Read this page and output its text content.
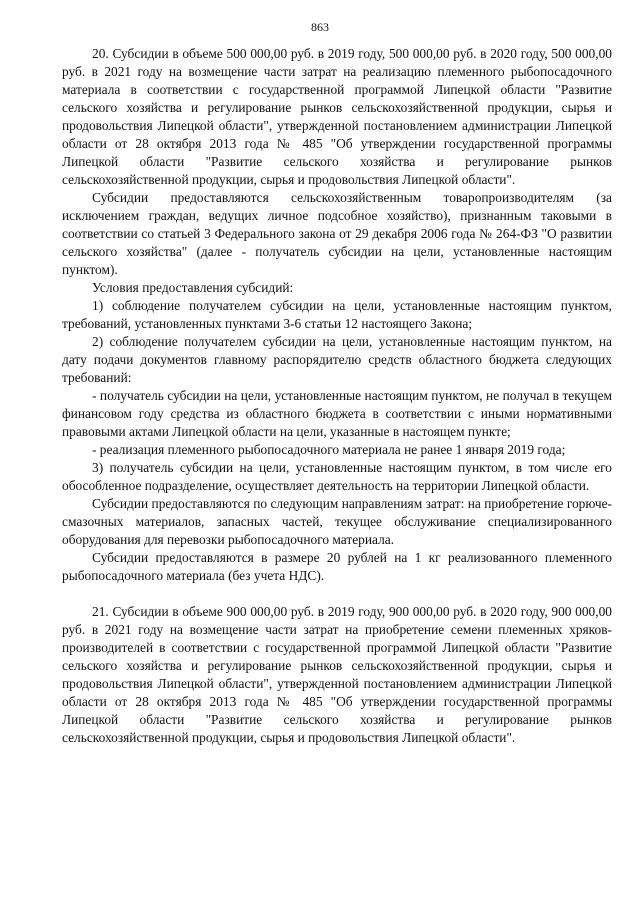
863

20. Субсидии в объеме 500 000,00 руб. в 2019 году, 500 000,00 руб. в 2020 году, 500 000,00 руб. в 2021 году на возмещение части затрат на реализацию племенного рыбопосадочного материала в соответствии с государственной программой Липецкой области "Развитие сельского хозяйства и регулирование рынков сельскохозяйственной продукции, сырья и продовольствия Липецкой области", утвержденной постановлением администрации Липецкой области от 28 октября 2013 года № 485 "Об утверждении государственной программы Липецкой области "Развитие сельского хозяйства и регулирование рынков сельскохозяйственной продукции, сырья и продовольствия Липецкой области".

Субсидии предоставляются сельскохозяйственным товаропроизводителям (за исключением граждан, ведущих личное подсобное хозяйство), признанным таковыми в соответствии со статьей 3 Федерального закона от 29 декабря 2006 года № 264-ФЗ "О развитии сельского хозяйства" (далее - получатель субсидии на цели, установленные настоящим пунктом).

Условия предоставления субсидий:

1) соблюдение получателем субсидии на цели, установленные настоящим пунктом, требований, установленных пунктами 3-6 статьи 12 настоящего Закона;

2) соблюдение получателем субсидии на цели, установленные настоящим пунктом, на дату подачи документов главному распорядителю средств областного бюджета следующих требований:

- получатель субсидии на цели, установленные настоящим пунктом, не получал в текущем финансовом году средства из областного бюджета в соответствии с иными нормативными правовыми актами Липецкой области на цели, указанные в настоящем пункте;

- реализация племенного рыбопосадочного материала не ранее 1 января 2019 года;

3) получатель субсидии на цели, установленные настоящим пунктом, в том числе его обособленное подразделение, осуществляет деятельность на территории Липецкой области.

Субсидии предоставляются по следующим направлениям затрат: на приобретение горюче-смазочных материалов, запасных частей, текущее обслуживание специализированного оборудования для перевозки рыбопосадочного материала.

Субсидии предоставляются в размере 20 рублей на 1 кг реализованного племенного рыбопосадочного материала (без учета НДС).

21. Субсидии в объеме 900 000,00 руб. в 2019 году, 900 000,00 руб. в 2020 году, 900 000,00 руб. в 2021 году на возмещение части затрат на приобретение семени племенных хряков-производителей в соответствии с государственной программой Липецкой области "Развитие сельского хозяйства и регулирование рынков сельскохозяйственной продукции, сырья и продовольствия Липецкой области", утвержденной постановлением администрации Липецкой области от 28 октября 2013 года № 485 "Об утверждении государственной программы Липецкой области "Развитие сельского хозяйства и регулирование рынков сельскохозяйственной продукции, сырья и продовольствия Липецкой области".
